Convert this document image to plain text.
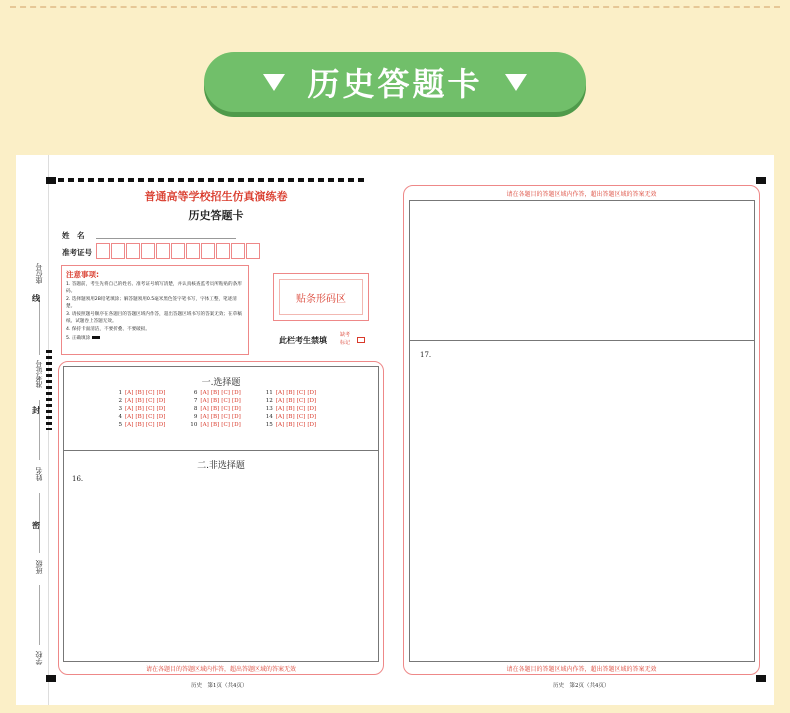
历史答题卡
座位号
准考证号
姓名
班级
学校
线
封
密
普通高等学校招生仿真演练卷
历史答题卡
姓　名
准考证号
注意事项:
1. 答题前，考生先将自己的姓名、准考证号填写清楚，并认真核查监考员所粘贴的条形码。
2. 选择题须用2B铅笔填涂；解答题须用0.5毫米黑色签字笔书写，字体工整，笔迹清楚。
3. 请按照题号顺序在各题目的答题区域内作答，超出答题区域书写的答案无效；在草稿纸、试题卷上答题无效。
4. 保持卡面清洁，不要折叠、不要破损。
5. 正确填涂
贴条形码区
此栏考生禁填
缺考标记
一.选择题
1 [A] [B] [C] [D]
2 [A] [B] [C] [D]
3 [A] [B] [C] [D]
4 [A] [B] [C] [D]
5 [A] [B] [C] [D]
6 [A] [B] [C] [D]
7 [A] [B] [C] [D]
8 [A] [B] [C] [D]
9 [A] [B] [C] [D]
10 [A] [B] [C] [D]
11 [A] [B] [C] [D]
12 [A] [B] [C] [D]
13 [A] [B] [C] [D]
14 [A] [B] [C] [D]
15 [A] [B] [C] [D]
二.非选择题
16.
请在各题目的答题区域内作答，超出答题区域的答案无效
请在各题目的答题区域内作答，超出答题区域的答案无效
17.
请在各题目的答题区域内作答，超出答题区域的答案无效
历史　第1页（共4页）	历史　第2页（共4页）
